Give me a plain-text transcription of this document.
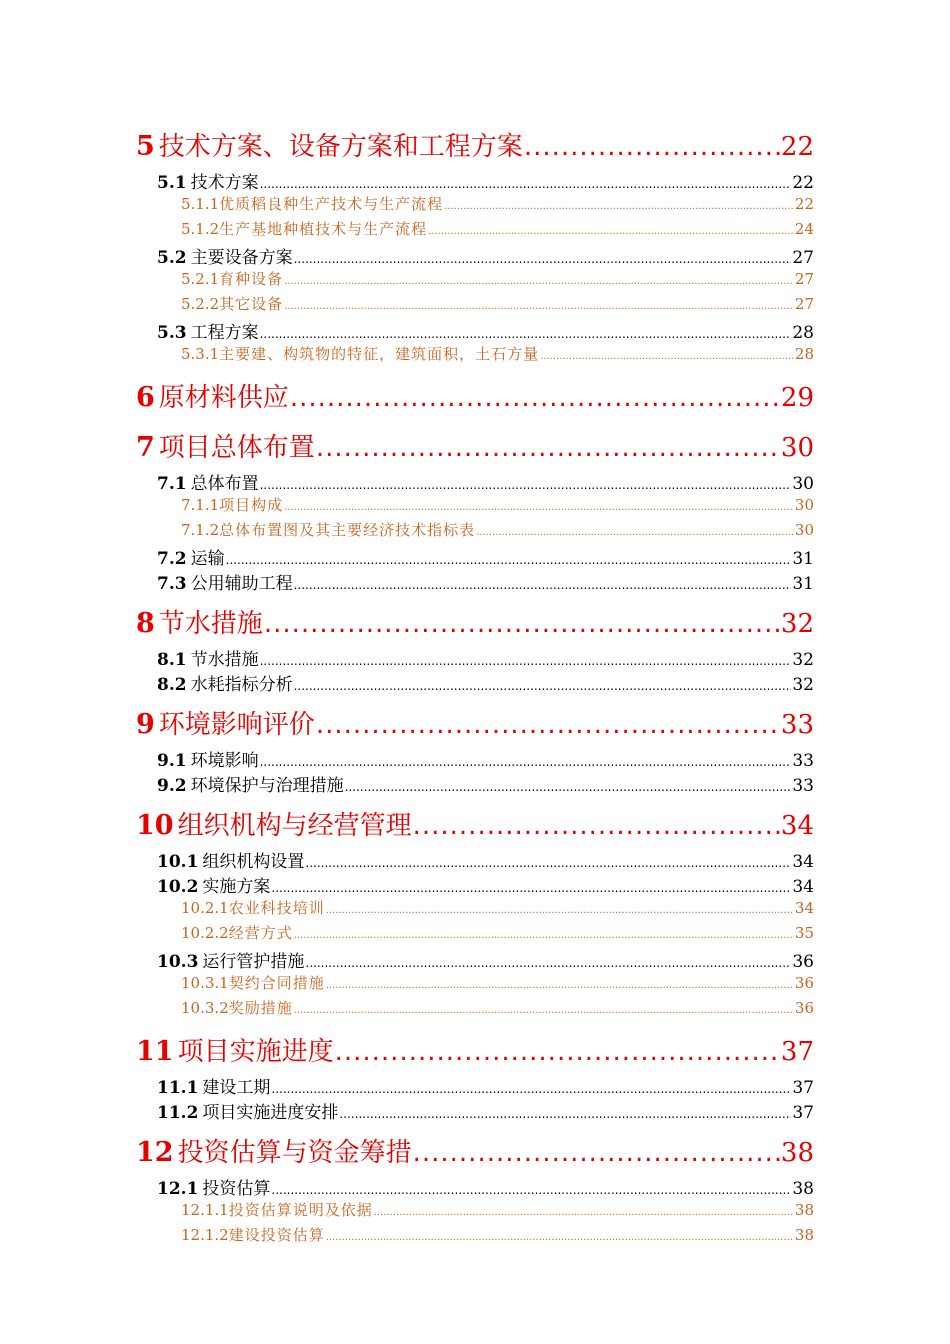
5 技术方案、设备方案和工程方案 .....	22
5.1 技术方案 .....	22
5.1.1优质稻良种生产技术与生产流程 .....	22
5.1.2生产基地种植技术与生产流程 .....	24
5.2 主要设备方案 .....	27
5.2.1育种设备 .....	27
5.2.2其它设备 .....	27
5.3 工程方案 .....	28
5.3.1主要建、构筑物的特征，建筑面积，土石方量 .....	28
6 原材料供应 .....	29
7 项目总体布置 .....	30
7.1 总体布置 .....	30
7.1.1项目构成 .....	30
7.1.2总体布置图及其主要经济技术指标表 .....	30
7.2 运输 .....	31
7.3 公用辅助工程 .....	31
8 节水措施 .....	32
8.1 节水措施 .....	32
8.2 水耗指标分析 .....	32
9 环境影响评价 .....	33
9.1 环境影响 .....	33
9.2 环境保护与治理措施 .....	33
10 组织机构与经营管理 .....	34
10.1 组织机构设置 .....	34
10.2 实施方案 .....	34
10.2.1农业科技培训 .....	34
10.2.2经营方式 .....	35
10.3 运行管护措施 .....	36
10.3.1契约合同措施 .....	36
10.3.2奖励措施 .....	36
11 项目实施进度 .....	37
11.1 建设工期 .....	37
11.2 项目实施进度安排 .....	37
12 投资估算与资金筹措 .....	38
12.1 投资估算 .....	38
12.1.1投资估算说明及依据 .....	38
12.1.2建设投资估算 .....	38
